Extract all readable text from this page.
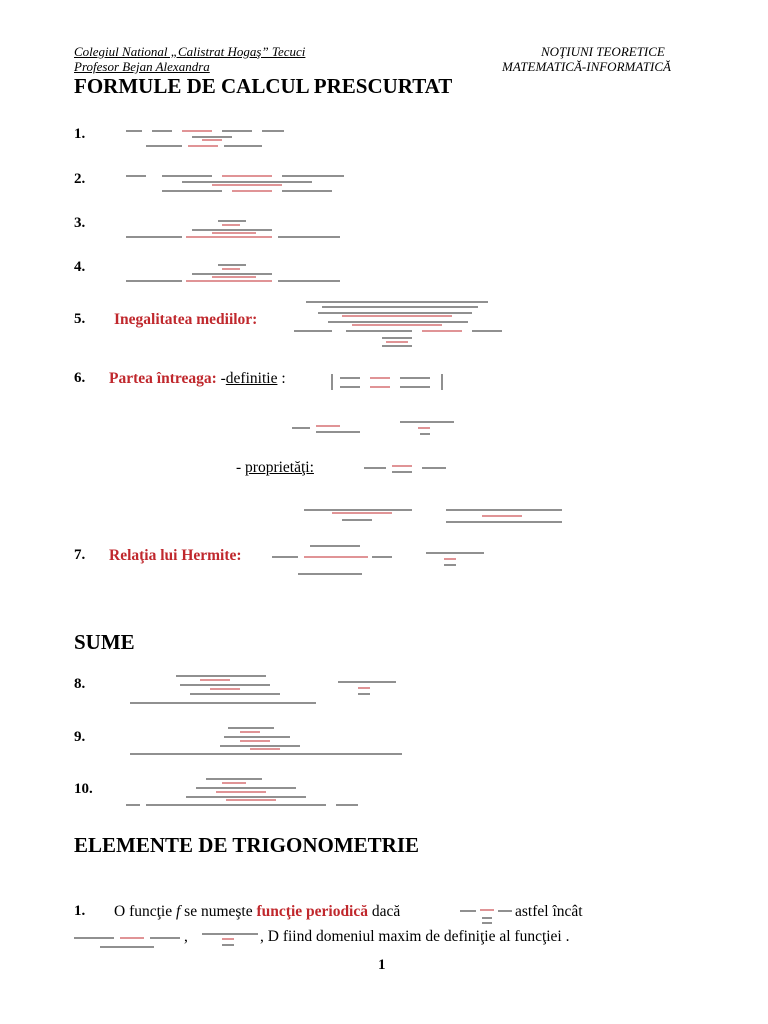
Colegiul National „Calistrat Hogaş” Tecuci
Profesor Bejan Alexandra
NOŢIUNI TEORETICE
MATEMATICĂ-INFORMATICĂ
FORMULE DE CALCUL PRESCURTAT
1.
2.
3.
4.
5. Inegalitatea mediilor:
6. Partea întreaga: -definitie :
- proprietăţi:
7. Relaţia lui Hermite:
SUME
8.
9.
10.
ELEMENTE DE TRIGONOMETRIE
1. O funcţie f se numeşte funcţie periodică dacă	astfel încât
,	, D fiind domeniul maxim de definiţie al funcţiei .
1
